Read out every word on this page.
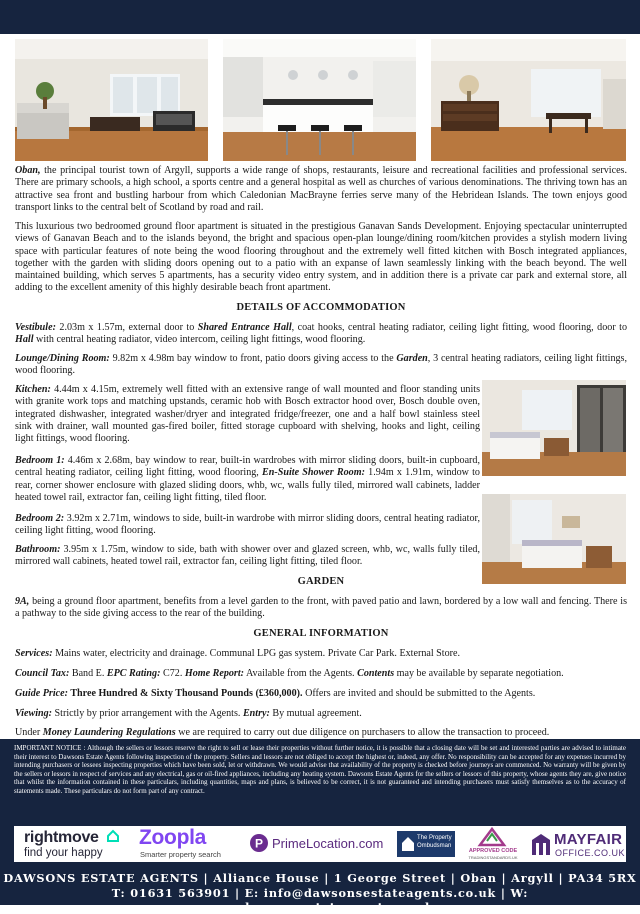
Oban, the principal tourist town of Argyll, supports a wide range of shops, restaurants, leisure and recreational facilities and professional services. There are primary schools, a high school, a sports centre and a general hospital as well as churches of various denominations. The thriving town has an attractive sea front and bustling harbour from which Caledonian MacBrayne ferries serve many of the Hebridean Islands. The town enjoys good transport links to the central belt of Scotland by road and rail.
This luxurious two bedroomed ground floor apartment is situated in the prestigious Ganavan Sands Development. Enjoying spectacular uninterrupted views of Ganavan Beach and to the islands beyond, the bright and spacious open-plan lounge/dining room/kitchen provides a stylish modern living space with particular features of note being the wood flooring throughout and the extremely well fitted kitchen with Bosch integrated appliances, together with the garden with sliding doors opening out to a patio with an expanse of lawn seamlessly linking with the beach beyond. The well maintained building, which serves 5 apartments, has a security video entry system, and in addition there is a private car park and external store, all adding to the excellent amenity of this highly desirable beach front apartment.
DETAILS OF ACCOMMODATION
Vestibule: 2.03m x 1.57m, external door to Shared Entrance Hall, coat hooks, central heating radiator, ceiling light fitting, wood flooring, door to Hall with central heating radiator, video intercom, ceiling light fittings, wood flooring.
Lounge/Dining Room: 9.82m x 4.98m bay window to front, patio doors giving access to the Garden, 3 central heating radiators, ceiling light fittings, wood flooring.
Kitchen: 4.44m x 4.15m, extremely well fitted with an extensive range of wall mounted and floor standing units with granite work tops and matching upstands, ceramic hob with Bosch extractor hood over, Bosch double oven, integrated dishwasher, integrated washer/dryer and integrated fridge/freezer, one and a half bowl stainless steel sink with drainer, wall mounted gas-fired boiler, fitted storage cupboard with shelving, hooks and light, ceiling light fittings, wood flooring.
Bedroom 1: 4.46m x 2.68m, bay window to rear, built-in wardrobes with mirror sliding doors, built-in cupboard, central heating radiator, ceiling light fitting, wood flooring, En-Suite Shower Room: 1.94m x 1.91m, window to rear, corner shower enclosure with glazed sliding doors, whb, wc, walls fully tiled, mirrored wall cabinets, ladder heated towel rail, extractor fan, ceiling light fitting, tiled floor.
Bedroom 2: 3.92m x 2.71m, windows to side, built-in wardrobe with mirror sliding doors, central heating radiator, ceiling light fitting, wood flooring.
Bathroom: 3.95m x 1.75m, window to side, bath with shower over and glazed screen, whb, wc, walls fully tiled, mirrored wall cabinets, heated towel rail, extractor fan, ceiling light fitting, tiled floor.
GARDEN
9A, being a ground floor apartment, benefits from a level garden to the front, with paved patio and lawn, bordered by a low wall and fencing. There is a pathway to the side giving access to the rear of the building.
GENERAL INFORMATION
Services: Mains water, electricity and drainage. Communal LPG gas system. Private Car Park. External Store.
Council Tax: Band E. EPC Rating: C72. Home Report: Available from the Agents. Contents may be available by separate negotiation.
Guide Price: Three Hundred & Sixty Thousand Pounds (£360,000). Offers are invited and should be submitted to the Agents.
Viewing: Strictly by prior arrangement with the Agents. Entry: By mutual agreement.
Under Money Laundering Regulations we are required to carry out due diligence on purchasers to allow the transaction to proceed.
IMPORTANT NOTICE : Although the sellers or lessors reserve the right to sell or lease their properties without further notice, it is possible that a closing date will be set and interested parties are advised to intimate their interest to Dawsons Estate Agents following inspection of the property. Sellers and lessors are not obliged to accept the highest or, indeed, any offer. No responsibility can be accepted for any expenses incurred by intending purchasers or lessees inspecting properties which have been sold, let or withdrawn. We would advise that availability of the property is checked before journeys are commenced. No warranty will be given by the sellers or lessors in respect of services and any electrical, gas or oil-fired appliances, including any heating system. Dawsons Estate Agents for the sellers or lessors of this property, whose agents they are, give notice that whilst the information contained in these particulars, including quantities, maps and plans, is believed to be correct, it is not guaranteed and intending purchasers must satisfy themselves as to the accuracy of statements made. These particulars do not form part of any contract.
rightmove
find your happy
Zoopla
Smarter property search
P PrimeLocation.com	The Property
Ombudsman
APPROVED CODE
TRADINGSTANDARDS.UK
MAYFAIR
OFFICE.CO.UK
DAWSONS ESTATE AGENTS | Alliance House | 1 George Street | Oban | Argyll | PA34 5RX
T: 01631 563901 | E: info@dawsonsestateagents.co.uk | W: www.dawsonsestateagents.co.uk
